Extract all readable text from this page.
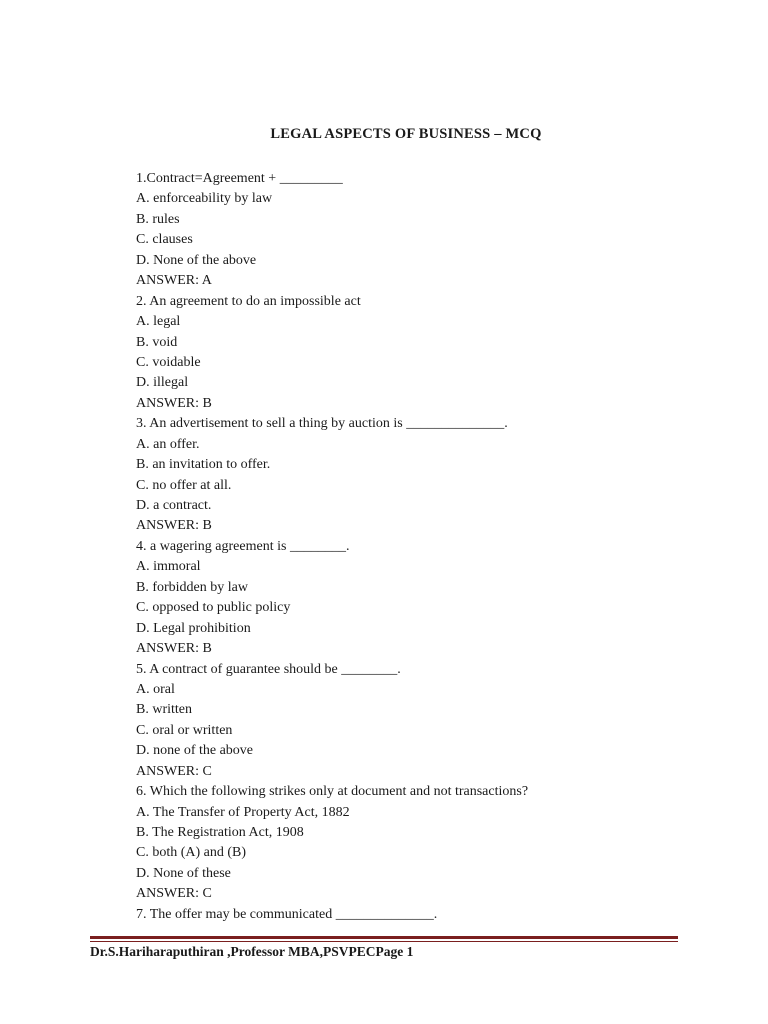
LEGAL ASPECTS OF BUSINESS – MCQ
1.Contract=Agreement + _________
A. enforceability by law
B. rules
C. clauses
D. None of the above
ANSWER: A
2. An agreement to do an impossible act
A. legal
B. void
C. voidable
D. illegal
ANSWER: B
3. An advertisement to sell a thing by auction is ______________.
A. an offer.
B. an invitation to offer.
C. no offer at all.
D. a contract.
ANSWER: B
4. a wagering agreement is ________.
A. immoral
B. forbidden by law
C. opposed to public policy
D. Legal prohibition
ANSWER: B
5. A contract of guarantee should be ________.
A. oral
B. written
C. oral or written
D. none of the above
ANSWER: C
6. Which the following strikes only at document and not transactions?
A. The Transfer of Property Act, 1882
B. The Registration Act, 1908
C. both (A) and (B)
D. None of these
ANSWER: C
7. The offer may be communicated ______________.
Dr.S.Hariharaputhiran ,Professor MBA,PSVPECPage 1
